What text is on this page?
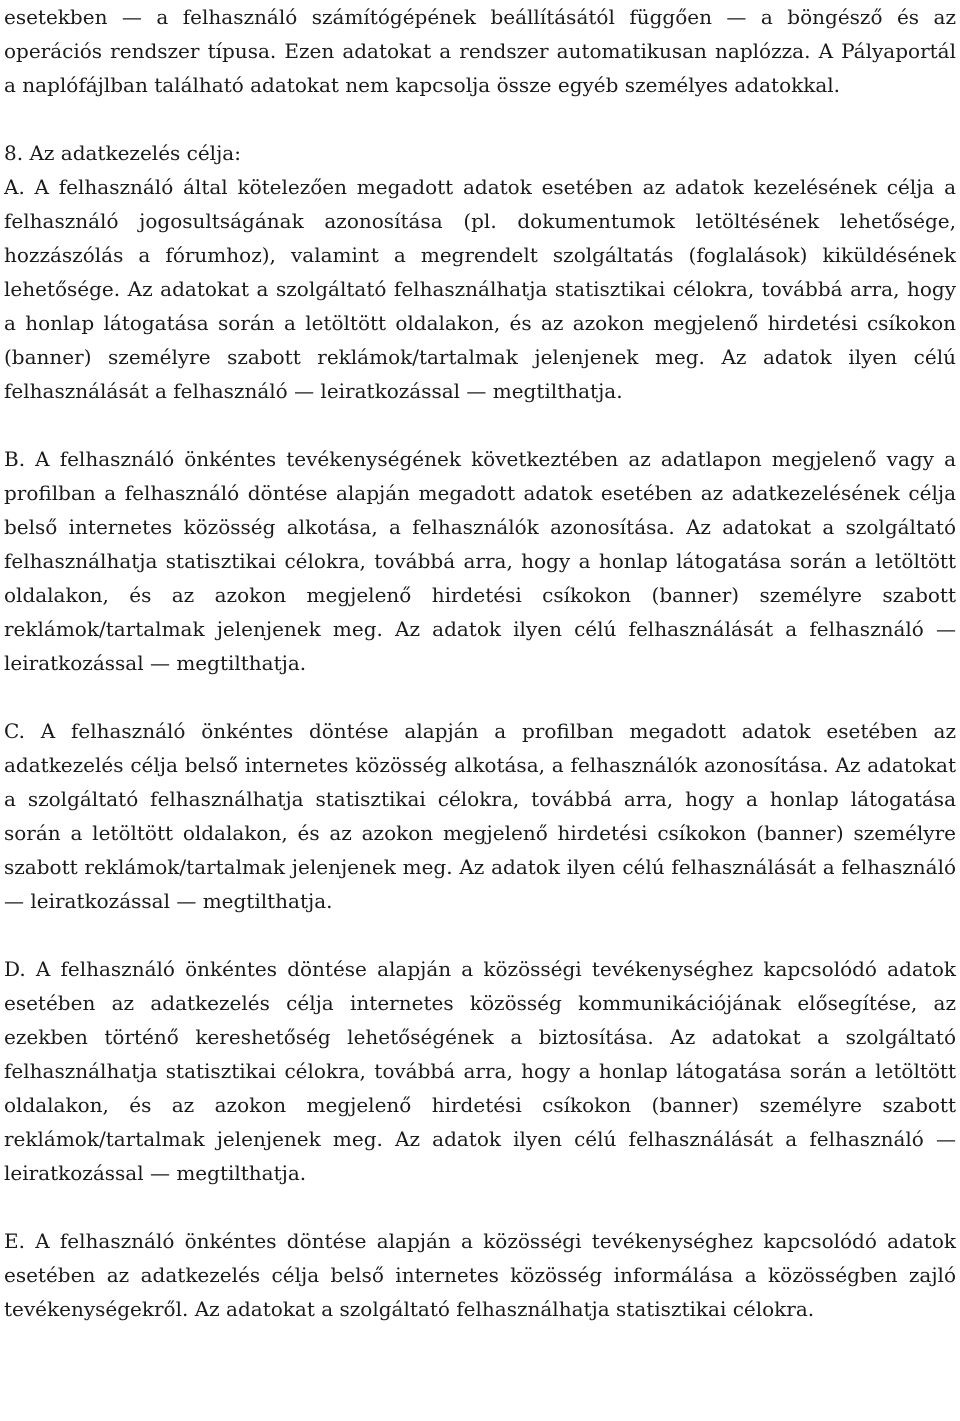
esetekben — a felhasználó számítógépének beállításától függően — a böngésző és az operációs rendszer típusa. Ezen adatokat a rendszer automatikusan naplózza. A Pályaportál a naplófájlban található adatokat nem kapcsolja össze egyéb személyes adatokkal.

8. Az adatkezelés célja:

A. A felhasználó által kötelezően megadott adatok esetében az adatok kezelésének célja a felhasználó jogosultságának azonosítása (pl. dokumentumok letöltésének lehetősége, hozzászólás a fórumhoz), valamint a megrendelt szolgáltatás (foglalások) kiküldésének lehetősége. Az adatokat a szolgáltató felhasználhatja statisztikai célokra, továbbá arra, hogy a honlap látogatása során a letöltött oldalakon, és az azokon megjelenő hirdetési csíkokon (banner) személyre szabott reklámok/tartalmak jelenjenek meg. Az adatok ilyen célú felhasználását a felhasználó — leiratkozással — megtilthatja.

B. A felhasználó önkéntes tevékenységének következtében az adatlapon megjelenő vagy a profilban a felhasználó döntése alapján megadott adatok esetében az adatkezelésének célja belső internetes közösség alkotása, a felhasználók azonosítása. Az adatokat a szolgáltató felhasználhatja statisztikai célokra, továbbá arra, hogy a honlap látogatása során a letöltött oldalakon, és az azokon megjelenő hirdetési csíkokon (banner) személyre szabott reklámok/tartalmak jelenjenek meg. Az adatok ilyen célú felhasználását a felhasználó — leiratkozással — megtilthatja.

C. A felhasználó önkéntes döntése alapján a profilban megadott adatok esetében az adatkezelés célja belső internetes közösség alkotása, a felhasználók azonosítása. Az adatokat a szolgáltató felhasználhatja statisztikai célokra, továbbá arra, hogy a honlap látogatása során a letöltött oldalakon, és az azokon megjelenő hirdetési csíkokon (banner) személyre szabott reklámok/tartalmak jelenjenek meg. Az adatok ilyen célú felhasználását a felhasználó — leiratkozással — megtilthatja.

D. A felhasználó önkéntes döntése alapján a közösségi tevékenységhez kapcsolódó adatok esetében az adatkezelés célja internetes közösség kommunikációjának elősegítése, az ezekben történő kereshetőség lehetőségének a biztosítása. Az adatokat a szolgáltató felhasználhatja statisztikai célokra, továbbá arra, hogy a honlap látogatása során a letöltött oldalakon, és az azokon megjelenő hirdetési csíkokon (banner) személyre szabott reklámok/tartalmak jelenjenek meg. Az adatok ilyen célú felhasználását a felhasználó — leiratkozással — megtilthatja.

E. A felhasználó önkéntes döntése alapján a közösségi tevékenységhez kapcsolódó adatok esetében az adatkezelés célja belső internetes közösség informálása a közösségben zajló tevékenységekről. Az adatokat a szolgáltató felhasználhatja statisztikai célokra.
